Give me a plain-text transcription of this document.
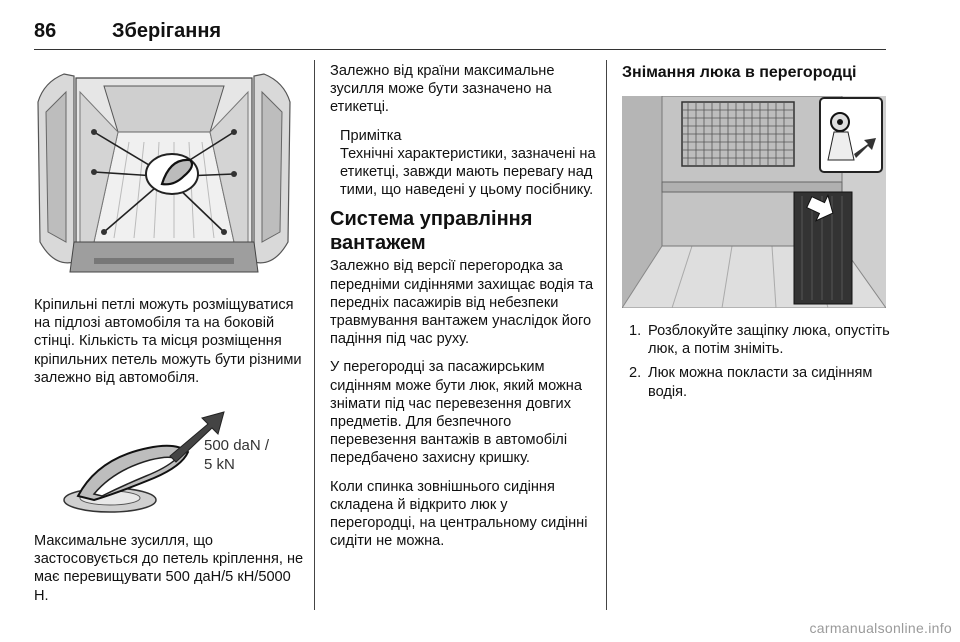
86	Зберігання

Кріпильні петлі можуть розміщуватися на підлозі автомобіля та на боковій стінці. Кількість та місця розміщення кріпильних петель можуть бути різними залежно від автомобіля.

500 daN /
5 kN

Максимальне зусилля, що застосовується до петель кріплення, не має перевищувати 500 даН/5 кН/5000 Н.

Залежно від країни максимальне зусилля може бути зазначено на етикетці.

Примітка
Технічні характеристики, зазначені на етикетці, завжди мають перевагу над тими, що наведені у цьому посібнику.
Система управління вантажем

Залежно від версії перегородка за передніми сидіннями захищає водія та передніх пасажирів від небезпеки травмування вантажем унаслідок його падіння під час руху.

У перегородці за пасажирським сидінням може бути люк, який можна знімати під час перевезення довгих предметів. Для безпечного перевезення вантажів в автомобілі передбачено захисну кришку.

Коли спинка зовнішнього сидіння складена й відкрито люк у перегородці, на центральному сидінні сидіти не можна.

Знімання люка в перегородці
1. Розблокуйте защіпку люка, опустіть люк, а потім зніміть.
2. Люк можна покласти за сидінням водія.
carmanualsonline.info
